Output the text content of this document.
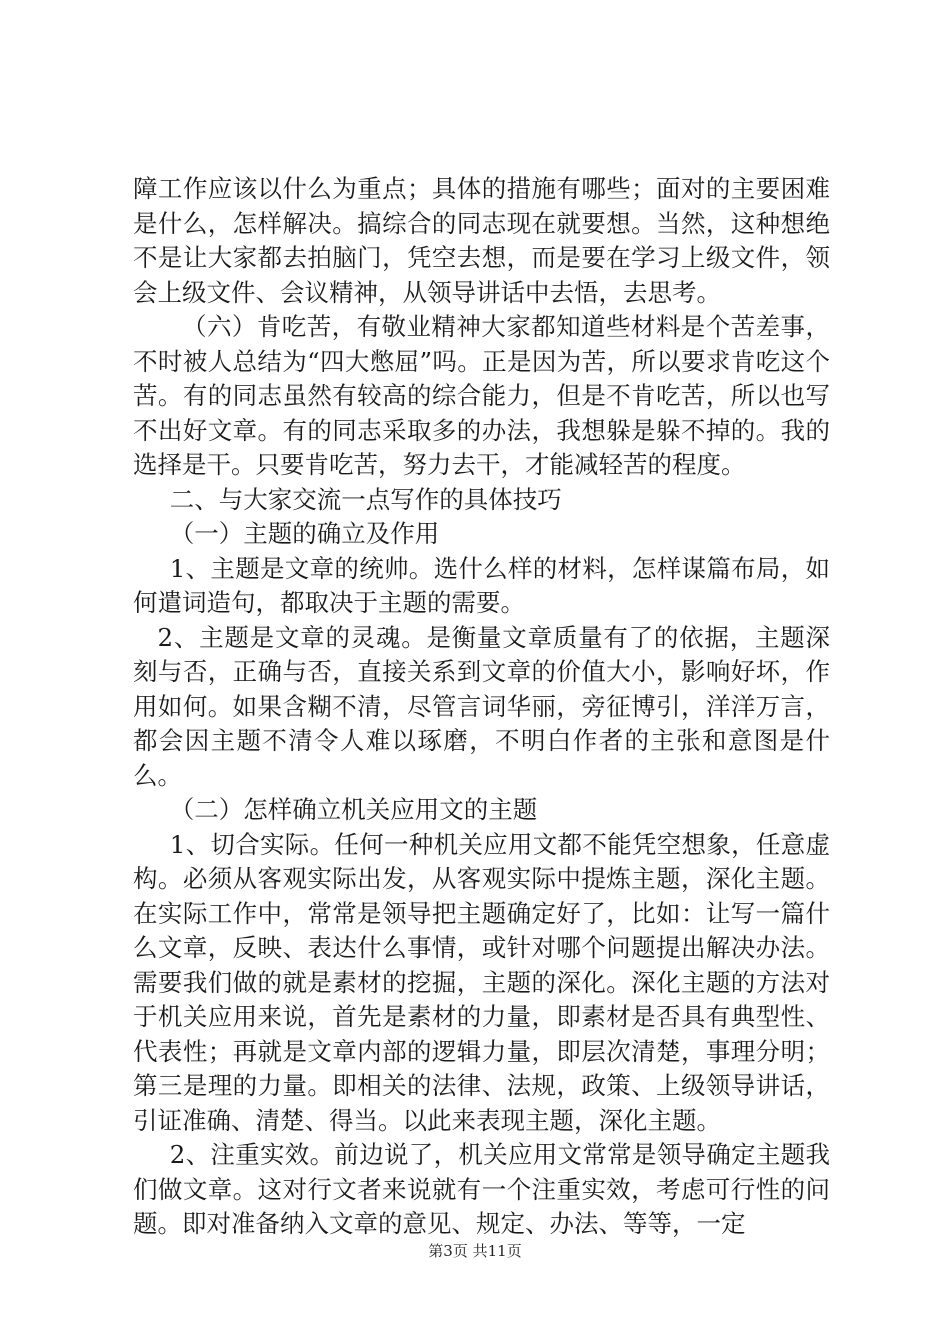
障工作应该以什么为重点；具体的措施有哪些；面对的主要困难是什么，怎样解决。搞综合的同志现在就要想。当然，这种想绝不是让大家都去拍脑门，凭空去想，而是要在学习上级文件，领会上级文件、会议精神，从领导讲话中去悟，去思考。

（六）肯吃苦，有敬业精神大家都知道些材料是个苦差事，不时被人总结为“四大憋屈”吗。正是因为苦，所以要求肯吃这个苦。有的同志虽然有较高的综合能力，但是不肯吃苦，所以也写不出好文章。有的同志采取多的办法，我想躲是躲不掉的。我的选择是干。只要肯吃苦，努力去干，才能减轻苦的程度。

二、与大家交流一点写作的具体技巧

（一）主题的确立及作用

1、主题是文章的统帅。选什么样的材料，怎样谋篇布局，如何遣词造句，都取决于主题的需要。

2、主题是文章的灵魂。是衡量文章质量有了的依据，主题深刻与否，正确与否，直接关系到文章的价值大小，影响好坏，作用如何。如果含糊不清，尽管言词华丽，旁征博引，洋洋万言，都会因主题不清令人难以琢磨，不明白作者的主张和意图是什么。

（二）怎样确立机关应用文的主题

1、切合实际。任何一种机关应用文都不能凭空想象，任意虚构。必须从客观实际出发，从客观实际中提炼主题，深化主题。在实际工作中，常常是领导把主题确定好了，比如：让写一篇什么文章，反映、表达什么事情，或针对哪个问题提出解决办法。需要我们做的就是素材的挖掘，主题的深化。深化主题的方法对于机关应用来说，首先是素材的力量，即素材是否具有典型性、代表性；再就是文章内部的逻辑力量，即层次清楚，事理分明；第三是理的力量。即相关的法律、法规，政策、上级领导讲话，引证准确、清楚、得当。以此来表现主题，深化主题。

2、注重实效。前边说了，机关应用文常常是领导确定主题我们做文章。这对行文者来说就有一个注重实效，考虑可行性的问题。即对准备纳入文章的意见、规定、办法、等等，一定

第3页 共11页
